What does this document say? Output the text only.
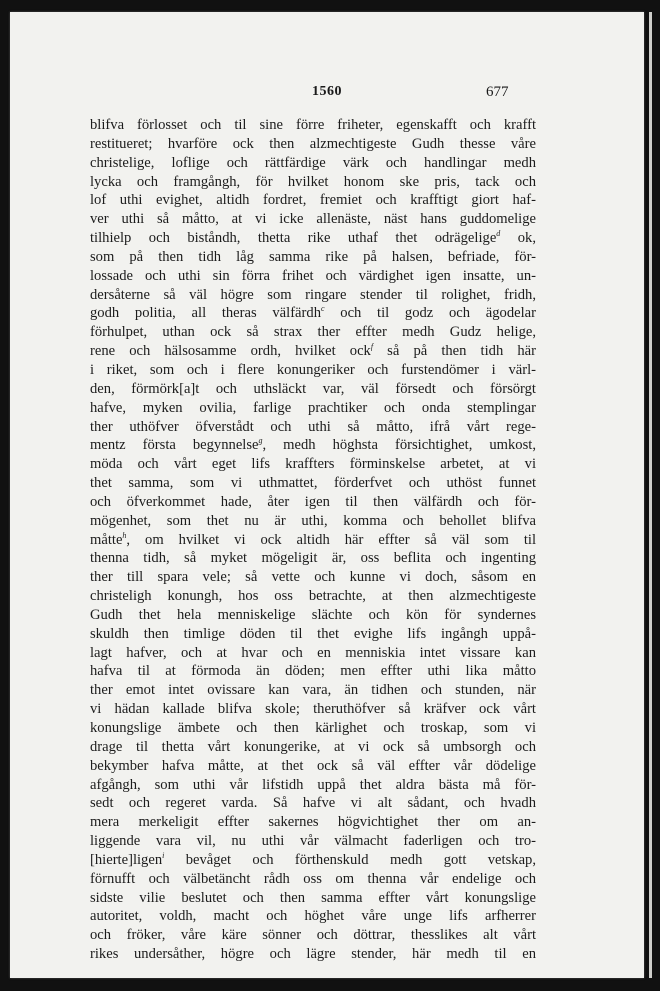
1560	677
blifva förlosset och til sine förre friheter, egenskafft och krafft
restitueret; hvarföre ock then alzmechtigeste Gudh thesse våre
christelige, loflige och rättfärdige värk och handlingar medh
lycka och framgångh, för hvilket honom ske pris, tack och
lof uthi evighet, altidh fordret, fremiet och krafftigt giort haf-
ver uthi så måtto, at vi icke allenäste, näst hans guddomelige
tilhielp och biståndh, thetta rike uthaf thet odrägelige$^d$ ok,
som på then tidh låg samma rike på halsen, befriade, för-
lossade och uthi sin förra frihet och värdighet igen insatte, un-
dersåterne så väl högre som ringare stender til rolighet, fridh,
godh politia, all theras välfärdh$^c$ och til godz och ägodelar
förhulpet, uthan ock så strax ther effter medh Gudz helige,
rene och hälsosamme ordh, hvilket ock$^f$ så på then tidh här
i riket, som och i flere konungeriker och furstendömer i värl-
den, förmörk[a]t och uthsläckt var, väl försedt och försörgt
hafve, myken ovilia, farlige prachtiker och onda stemplingar
ther uthöfver öfverstådt och uthi så måtto, ifrå vårt rege-
mentz första begynnelse$^g$, medh höghsta försichtighet, umkost,
möda och vårt eget lifs kraffters förminskelse arbetet, at vi
thet samma, som vi uthmattet, förderfvet och uthöst funnet
och öfverkommet hade, åter igen til then välfärdh och för-
mögenhet, som thet nu är uthi, komma och behollet blifva
måtte$^h$, om hvilket vi ock altidh här effter så väl som til
thenna tidh, så myket mögeligit är, oss beflita och ingenting
ther till spara vele; så vette och kunne vi doch, såsom en
christeligh konungh, hos oss betrachte, at then alzmechtigeste
Gudh thet hela menniskelige slächte och kön för syndernes
skuldh then timlige döden til thet evighe lifs ingångh uppå-
lagt hafver, och at hvar och en menniskia intet vissare kan
hafva til at förmoda än döden; men effter uthi lika måtto
ther emot intet ovissare kan vara, än tidhen och stunden, när
vi hädan kallade blifva skole; theruthöfver så kräfver ock vårt
konungslige ämbete och then kärlighet och troskap, som vi
drage til thetta vårt konungerike, at vi ock så umbsorgh och
bekymber hafva måtte, at thet ock så väl effter vår dödelige
afgångh, som uthi vår lifstidh uppå thet aldra bästa må för-
sedt och regeret varda. Så hafve vi alt sådant, och hvadh
mera merkeligit effter sakernes högvichtighet ther om an-
liggende vara vil, nu uthi vår välmacht faderligen och tro-
[hierte]ligen$^i$ bevåget och förthenskuld medh gott vetskap,
förnufft och välbetäncht rådh oss om thenna vår endelige och
sidste vilie beslutet och then samma effter vårt konungslige
autoritet, voldh, macht och höghet våre unge lifs arfherrer
och fröker, våre käre sönner och döttrar, thesslikes alt vårt
rikes undersåther, högre och lägre stender, här medh til en
